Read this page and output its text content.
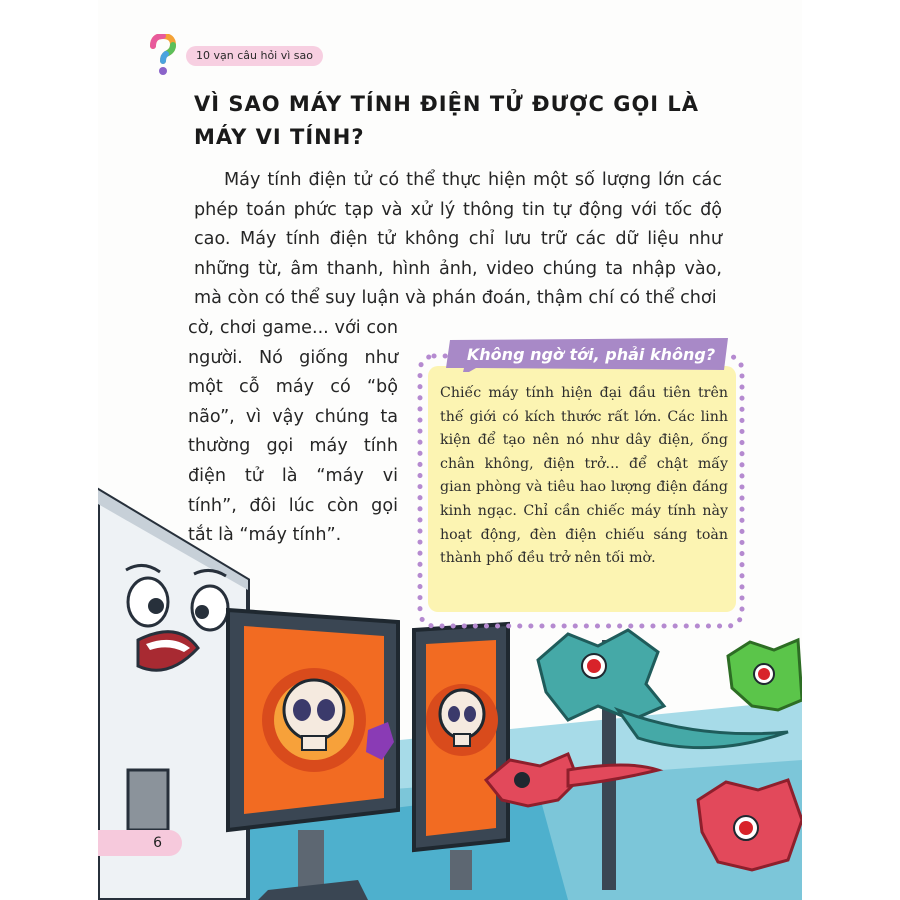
10 vạn câu hỏi vì sao
VÌ SAO MÁY TÍNH ĐIỆN TỬ ĐƯỢC GỌI LÀ MÁY VI TÍNH?

Máy tính điện tử có thể thực hiện một số lượng lớn các phép toán phức tạp và xử lý thông tin tự động với tốc độ cao. Máy tính điện tử không chỉ lưu trữ các dữ liệu như những từ, âm thanh, hình ảnh, video chúng ta nhập vào, mà còn có thể suy luận và phán đoán, thậm chí có thể chơi

cờ, chơi game... với con người. Nó giống như một cỗ máy có “bộ não”, vì vậy chúng ta thường gọi máy tính điện tử là “máy vi tính”, đôi lúc còn gọi tắt là “máy tính”.

Chiếc máy tính hiện đại đầu tiên trên thế giới có kích thước rất lớn. Các linh kiện để tạo nên nó như dây điện, ống chân không, điện trở... để chật mấy gian phòng và tiêu hao lượng điện đáng kinh ngạc. Chỉ cần chiếc máy tính này hoạt động, đèn điện chiếu sáng toàn thành phố đều trở nên tối mờ.
Không ngờ tới, phải không?
6
